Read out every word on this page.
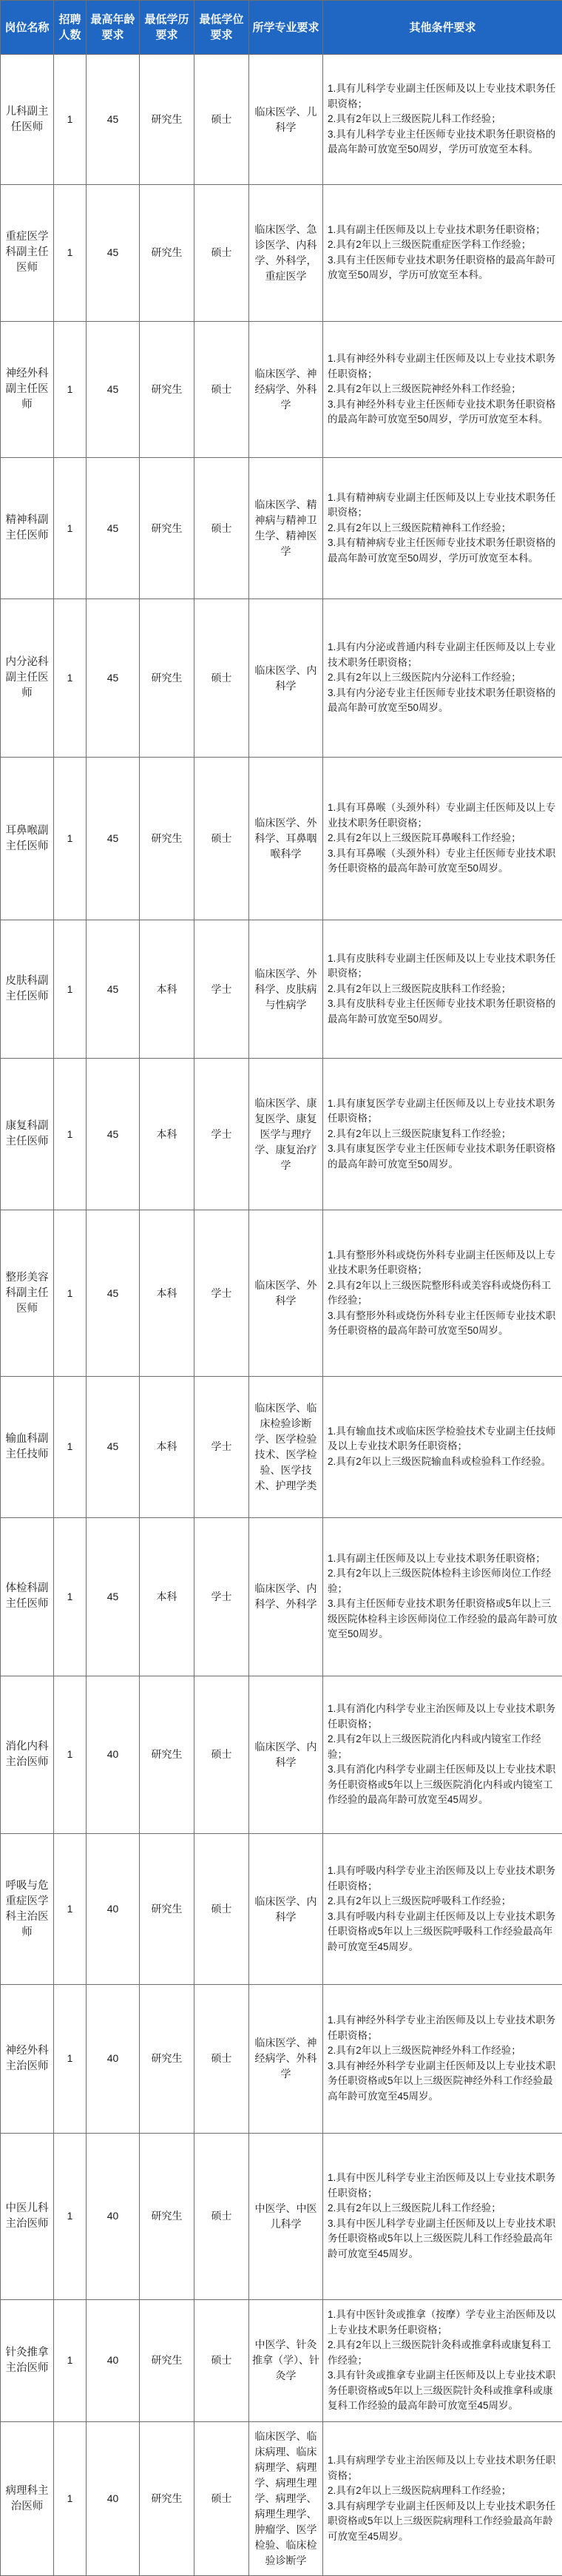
岗位名称	招聘人数	最高年龄要求	最低学历要求	最低学位要求	所学专业要求	其他条件要求
儿科副主任医师	1	45	研究生	硕士	临床医学、儿科学	1.具有儿科学专业副主任医师及以上专业技术职务任职资格；
2.具有2年以上三级医院儿科工作经验；
3.具有儿科学专业主任医师专业技术职务任职资格的最高年龄可放宽至50周岁，学历可放宽至本科。
重症医学科副主任医师	1	45	研究生	硕士	临床医学、急诊医学、内科学、外科学，重症医学	1.具有副主任医师及以上专业技术职务任职资格；
2.具有2年以上三级医院重症医学科工作经验；
3.具有主任医师专业技术职务任职资格的最高年龄可放宽至50周岁，学历可放宽至本科。
神经外科副主任医师	1	45	研究生	硕士	临床医学、神经病学、外科学	1.具有神经外科专业副主任医师及以上专业技术职务任职资格；
2.具有2年以上三级医院神经外科工作经验；
3.具有神经外科专业主任医师专业技术职务任职资格的最高年龄可放宽至50周岁，学历可放宽至本科。
精神科副主任医师	1	45	研究生	硕士	临床医学、精神病与精神卫生学、精神医学	1.具有精神病专业副主任医师及以上专业技术职务任职资格；
2.具有2年以上三级医院精神科工作经验；
3.具有精神病专业主任医师专业技术职务任职资格的最高年龄可放宽至50周岁，学历可放宽至本科。
内分泌科副主任医师	1	45	研究生	硕士	临床医学、内科学	1.具有内分泌或普通内科专业副主任医师及以上专业技术职务任职资格；
2.具有2年以上三级医院内分泌科工作经验；
3.具有内分泌专业主任医师专业技术职务任职资格的最高年龄可放宽至50周岁。
耳鼻喉副主任医师	1	45	研究生	硕士	临床医学、外科学、耳鼻咽喉科学	1.具有耳鼻喉（头颈外科）专业副主任医师及以上专业技术职务任职资格；
2.具有2年以上三级医院耳鼻喉科工作经验；
3.具有耳鼻喉（头颈外科）专业主任医师专业技术职务任职资格的最高年龄可放宽至50周岁。
皮肤科副主任医师	1	45	本科	学士	临床医学、外科学、皮肤病与性病学	1.具有皮肤科专业副主任医师及以上专业技术职务任职资格；
2.具有2年以上三级医院皮肤科工作经验；
3.具有皮肤科专业主任医师专业技术职务任职资格的最高年龄可放宽至50周岁。
康复科副主任医师	1	45	本科	学士	临床医学、康复医学、康复医学与理疗学、康复治疗学	1.具有康复医学专业副主任医师及以上专业技术职务任职资格；
2.具有2年以上三级医院康复科工作经验；
3.具有康复医学专业主任医师专业技术职务任职资格的最高年龄可放宽至50周岁。
整形美容科副主任医师	1	45	本科	学士	临床医学、外科学	1.具有整形外科或烧伤外科专业副主任医师及以上专业技术职务任职资格；
2.具有2年以上三级医院整形科或美容科或烧伤科工作经验；
3.具有整形外科或烧伤外科专业主任医师专业技术职务任职资格的最高年龄可放宽至50周岁。
输血科副主任技师	1	45	本科	学士	临床医学、临床检验诊断学、医学检验技术、医学检验、医学技术、护理学类	1.具有输血技术或临床医学检验技术专业副主任技师及以上专业技术职务任职资格；
2.具有2年以上三级医院输血科或检验科工作经验。
体检科副主任医师	1	45	本科	学士	临床医学、内科学、外科学	1.具有副主任医师及以上专业技术职务任职资格；
2.具有2年以上三级医院体检科主诊医师岗位工作经验；
3.具有主任医师专业技术职务任职资格或5年以上三级医院体检科主诊医师岗位工作经验的最高年龄可放宽至50周岁。
消化内科主治医师	1	40	研究生	硕士	临床医学、内科学	1.具有消化内科学专业主治医师及以上专业技术职务任职资格；
2.具有2年以上三级医院消化内科或内镜室工作经验；
3.具有消化内科学专业副主任医师及以上专业技术职务任职资格或5年以上三级医院消化内科或内镜室工作经验的最高年龄可放宽至45周岁。
呼吸与危重症医学科主治医师	1	40	研究生	硕士	临床医学、内科学	1.具有呼吸内科学专业主治医师及以上专业技术职务任职资格；
2.具有2年以上三级医院呼吸科工作经验；
3.具有呼吸内科专业副主任医师及以上专业技术职务任职资格或5年以上三级医院呼吸科工作经验最高年龄可放宽至45周岁。
神经外科主治医师	1	40	研究生	硕士	临床医学、神经病学、外科学	1.具有神经外科学专业主治医师及以上专业技术职务任职资格；
2.具有2年以上三级医院神经外科工作经验；
3.具有神经外科学专业副主任医师及以上专业技术职务任职资格或5年以上三级医院神经外科工作经验最高年龄可放宽至45周岁。
中医儿科主治医师	1	40	研究生	硕士	中医学、中医儿科学	1.具有中医儿科学专业主治医师及以上专业技术职务任职资格；
2.具有2年以上三级医院儿科工作经验；
3.具有中医儿科学专业副主任医师及以上专业技术职务任职资格或5年以上三级医院儿科工作经验最高年龄可放宽至45周岁。
针灸推拿主治医师	1	40	研究生	硕士	中医学、针灸推拿（学）、针灸学	1.具有中医针灸或推拿（按摩）学专业主治医师及以上专业技术职务任职资格；
2.具有2年以上三级医院针灸科或推拿科或康复科工作经验；
3.具有针灸或推拿专业副主任医师及以上专业技术职务任职资格或5年以上三级医院针灸科或推拿科或康复科工作经验的最高年龄可放宽至45周岁。
病理科主治医师	1	40	研究生	硕士	临床医学、临床病理、临床病理学、病理学、病理生理学、病理学、病理生理学、肿瘤学、医学检验、临床检验诊断学	1.具有病理学专业主治医师及以上专业技术职务任职资格；
2.具有2年以上三级医院病理科工作经验；
3.具有病理学专业副主任医师及以上专业技术职务任职资格或5年以上三级医院病理科工作经验最高年龄可放宽至45周岁。
